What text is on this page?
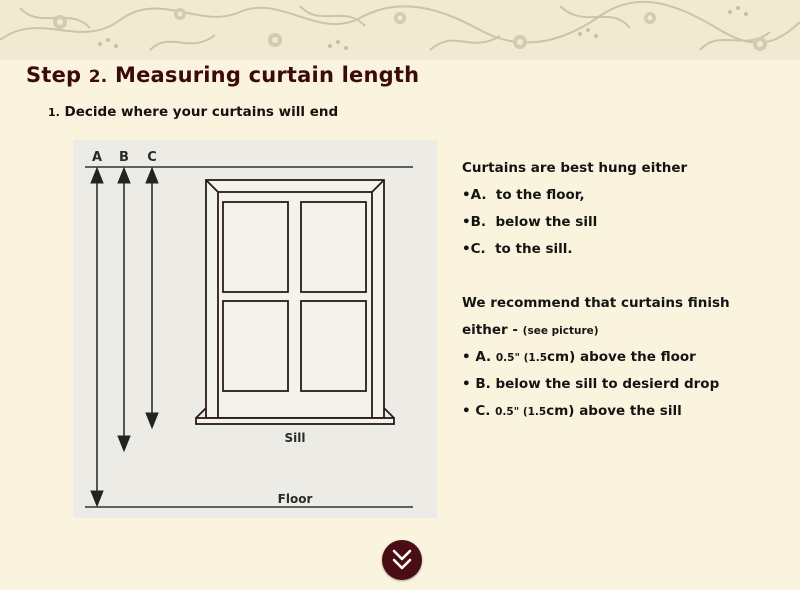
Step 2. Measuring curtain length
1. Decide where your curtains will end
A B C
Sill
Floor
Curtains are best hung either
•A. to the floor,
•B. below the sill
•C. to the sill.
We recommend that curtains finish
either - (see picture)
• A. 0.5" (1.5cm) above the floor
• B. below the sill to desierd drop
• C. 0.5" (1.5cm) above the sill
